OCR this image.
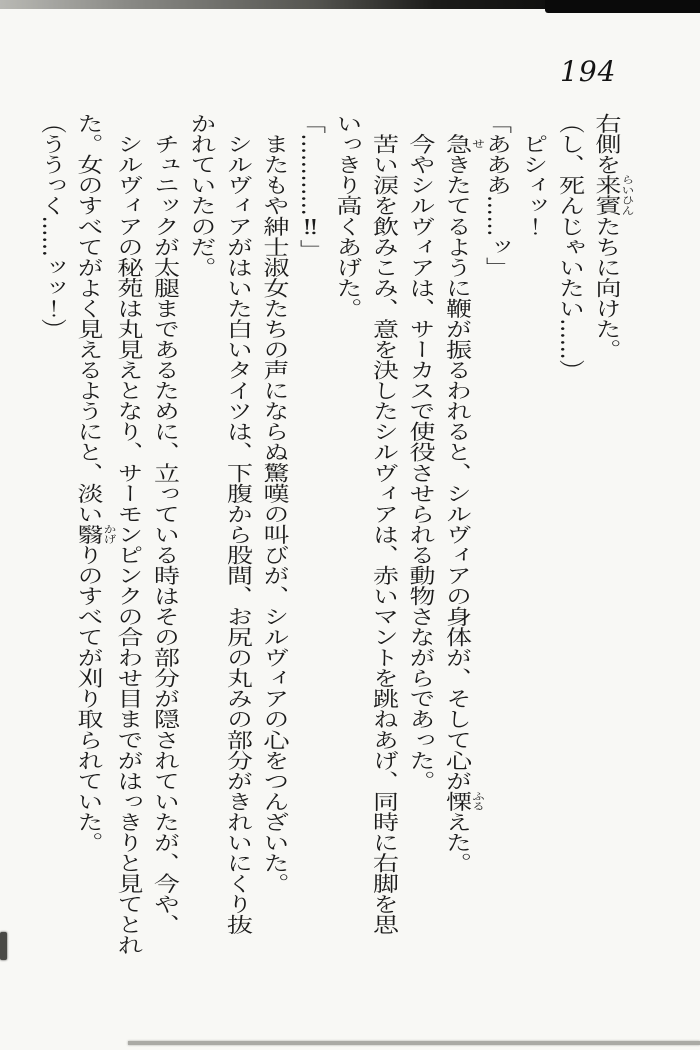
194
右側を来賓らいひんたちに向けた。
（し、死んじゃいたい……）
　ピシィッ！
「あああ……ッ」
　急せきたてるように鞭が振るわれると、シルヴィアの身体が、そして心が慄ふるえた。
　今やシルヴィアは、サーカスで使役させられる動物さながらであった。
　苦い涙を飲みこみ、意を決したシルヴィアは、赤いマントを跳ねあげ、同時に右脚を思
いっきり高くあげた。
「…………‼」
　またもや紳士淑女たちの声にならぬ驚嘆の叫びが、シルヴィアの心をつんざいた。
　シルヴィアがはいた白いタイツは、下腹から股間、お尻の丸みの部分がきれいにくり抜
かれていたのだ。
　チュニックが太腿まであるために、立っている時はその部分が隠されていたが、今や、
　シルヴィアの秘苑は丸見えとなり、サーモンピンクの合わせ目までがはっきりと見てとれ
た。女のすべてがよく見えるようにと、淡い翳かげりのすべてが刈り取られていた。
（ううっく……ッッ！）
